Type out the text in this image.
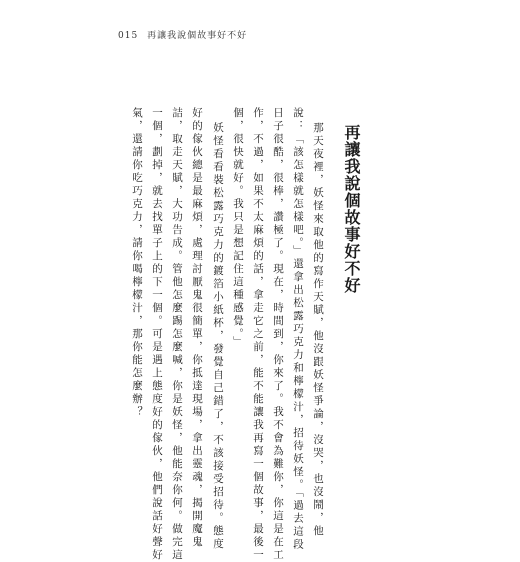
015 再讓我說個故事好不好
再讓我說個故事好不好
那天夜裡，妖怪來取他的寫作天賦，他沒跟妖怪爭論，沒哭，也沒鬧，他
說：「該怎樣就怎樣吧。」還拿出松露巧克力和檸檬汁，招待妖怪。「過去這段
日子很酷，很棒，讚極了。現在，時間到，你來了。我不會為難你，你這是在工
作，不過，如果不太麻煩的話，拿走它之前，能不能讓我再寫一個故事，最後一
個，很快就好。我只是想記住這種感覺。」
妖怪看看裝松露巧克力的鍍箔小紙杯，發覺自己錯了，不該接受招待。態度
好的傢伙總是最麻煩，處理討厭鬼很簡單，你抵達現場，拿出靈魂，揭開魔鬼
詰，取走天賦，大功告成。管他怎麼踢怎麼喊，你是妖怪，他能奈你何。做完這
一個，劃掉，就去找單子上的下一個。可是遇上態度好的傢伙，他們說話好聲好
氣，還請你吃巧克力，請你喝檸檬汁，那你能怎麼辦？
